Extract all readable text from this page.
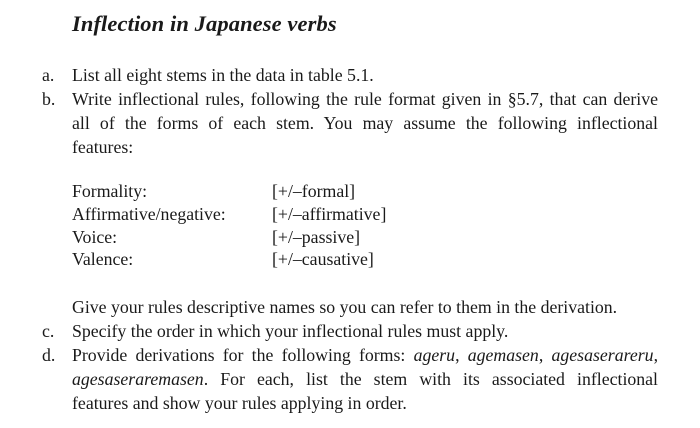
Inflection in Japanese verbs
a. List all eight stems in the data in table 5.1.
b. Write inflectional rules, following the rule format given in §5.7, that can derive
all of the forms of each stem. You may assume the following inflectional
features:
Formality:	[+/–formal]
Affirmative/negative:	[+/–affirmative]
Voice:	[+/–passive]
Valence:	[+/–causative]
Give your rules descriptive names so you can refer to them in the derivation.
c. Specify the order in which your inflectional rules must apply.
d. Provide derivations for the following forms: ageru, agemasen, agesaserareru,
agesaseraremasen. For each, list the stem with its associated inflectional
features and show your rules applying in order.
